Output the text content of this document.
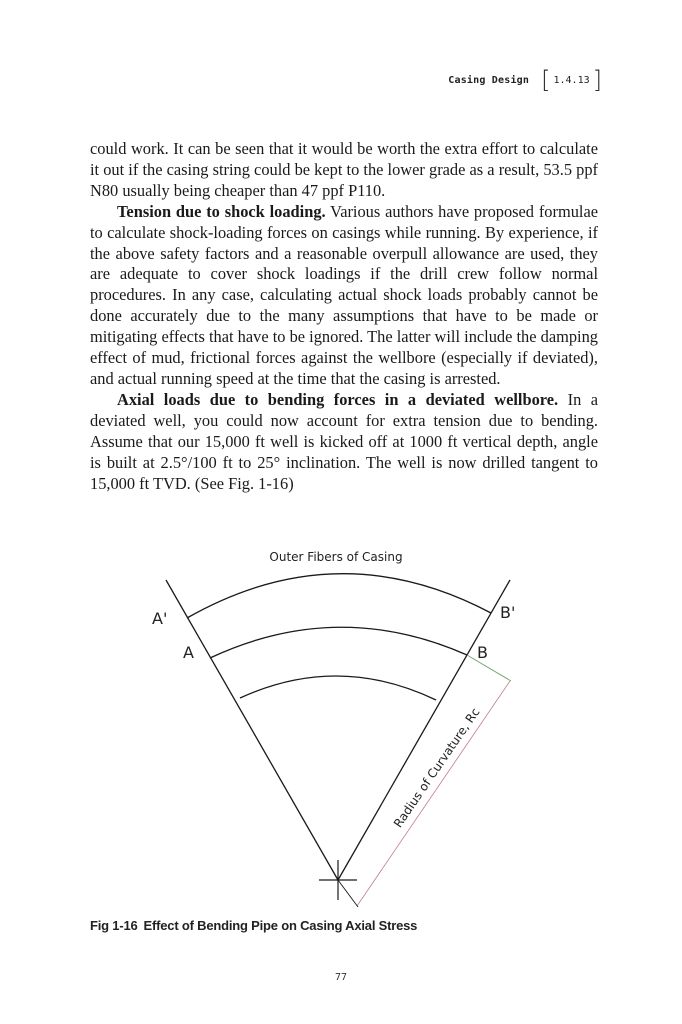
Casing Design [ 1.4.13 ]

could work. It can be seen that it would be worth the extra effort to calculate it out if the casing string could be kept to the lower grade as a result, 53.5 ppf N80 usually being cheaper than 47 ppf P110.

Tension due to shock loading. Various authors have proposed formulae to calculate shock-loading forces on casings while running. By experience, if the above safety factors and a reasonable overpull allowance are used, they are adequate to cover shock loadings if the drill crew follow normal procedures. In any case, calculating actual shock loads probably cannot be done accurately due to the many assumptions that have to be made or mitigating effects that have to be ignored. The latter will include the damping effect of mud, frictional forces against the wellbore (especially if deviated), and actual running speed at the time that the casing is arrested.

Axial loads due to bending forces in a deviated wellbore. In a deviated well, you could now account for extra tension due to bending. Assume that our 15,000 ft well is kicked off at 1000 ft vertical depth, angle is built at 2.5°/100 ft to 25° inclination. The well is now drilled tangent to 15,000 ft TVD. (See Fig. 1-16)

Outer Fibers of Casing
A'
A
B'
B
Radius of Curvature, Rc
Fig 1-16 Effect of Bending Pipe on Casing Axial Stress
77
